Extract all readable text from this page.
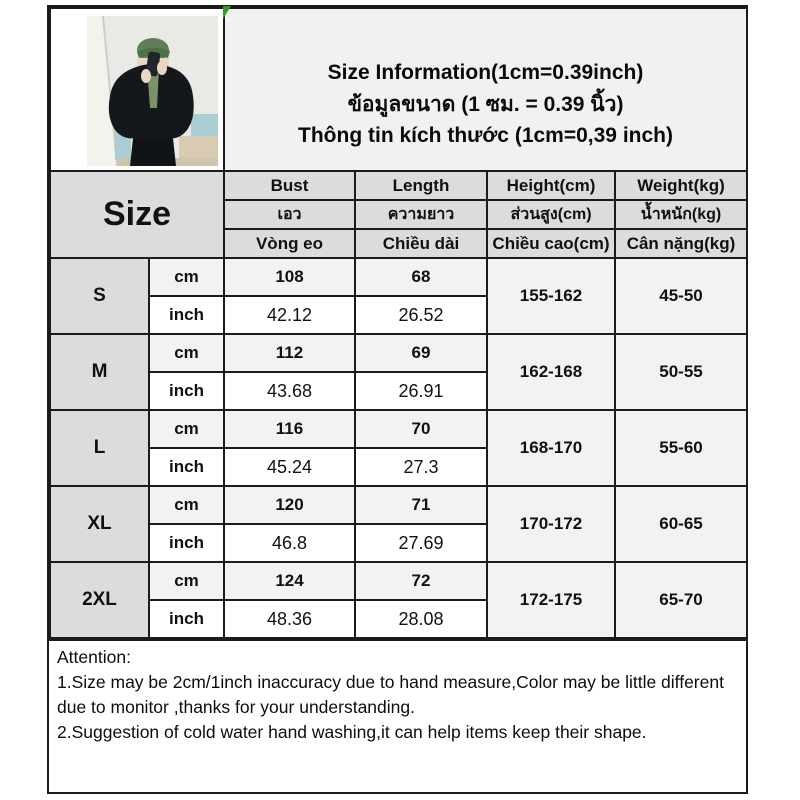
Size Information(1cm=0.39inch)
ข้อมูลขนาด (1 ซม. = 0.39 นิ้ว)
Thông tin kích thước (1cm=0,39 inch)			

Size		Bust	Length	Height(cm)	Weight(kg)
		เอว	ความยาว	ส่วนสูง(cm)	น้ำหนัก(kg)
		Vòng eo	Chiều dài	Chiều cao(cm)	Cân nặng(kg)
S	cm	108	68	155-162	45-50
	inch	42.12	26.52		
M	cm	112	69	162-168	50-55
	inch	43.68	26.91		
L	cm	116	70	168-170	55-60
	inch	45.24	27.3		
XL	cm	120	71	170-172	60-65
	inch	46.8	27.69		
2XL	cm	124	72	172-175	65-70
	inch	48.36	28.08		
Attention:
1.Size may be 2cm/1inch inaccuracy due to hand measure,Color may be little different due to monitor ,thanks for your understanding.
2.Suggestion of cold water hand washing,it can help items keep their shape.
